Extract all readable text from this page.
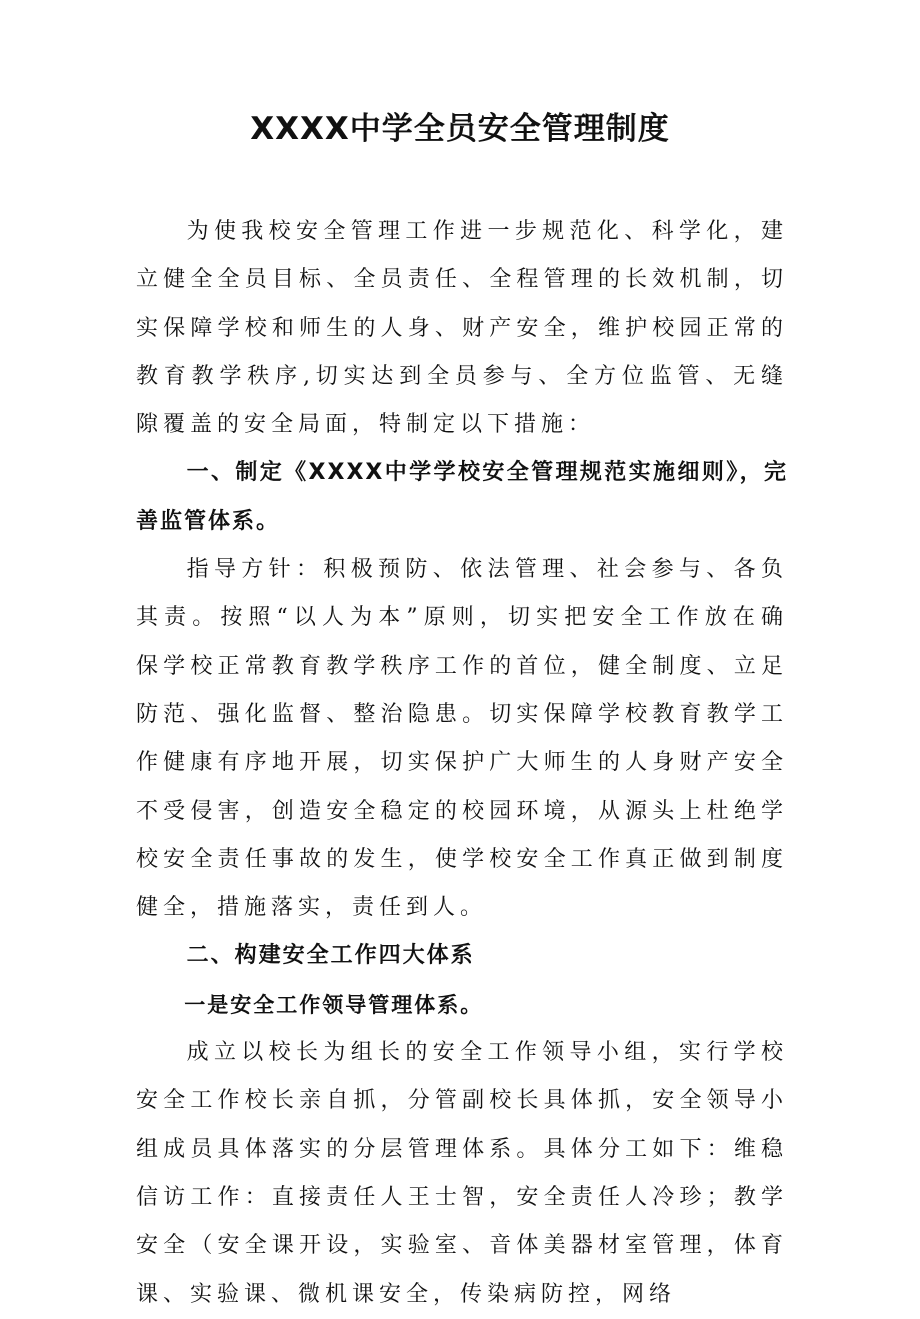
XXXX中学全员安全管理制度

为使我校安全管理工作进一步规范化、科学化，建立健全全员目标、全员责任、全程管理的长效机制，切实保障学校和师生的人身、财产安全，维护校园正常的教育教学秩序,切实达到全员参与、全方位监管、无缝隙覆盖的安全局面，特制定以下措施：

一、制定《XXXX中学学校安全管理规范实施细则》，完善监管体系。

指导方针：积极预防、依法管理、社会参与、各负其责。按照“以人为本”原则，切实把安全工作放在确保学校正常教育教学秩序工作的首位，健全制度、立足防范、强化监督、整治隐患。切实保障学校教育教学工作健康有序地开展，切实保护广大师生的人身财产安全不受侵害，创造安全稳定的校园环境，从源头上杜绝学校安全责任事故的发生，使学校安全工作真正做到制度健全，措施落实，责任到人。

二、构建安全工作四大体系

一是安全工作领导管理体系。

成立以校长为组长的安全工作领导小组，实行学校安全工作校长亲自抓，分管副校长具体抓，安全领导小组成员具体落实的分层管理体系。具体分工如下：维稳信访工作：直接责任人王士智，安全责任人冷珍；教学安全（安全课开设，实验室、音体美器材室管理，体育课、实验课、微机课安全，传染病防控，网络
